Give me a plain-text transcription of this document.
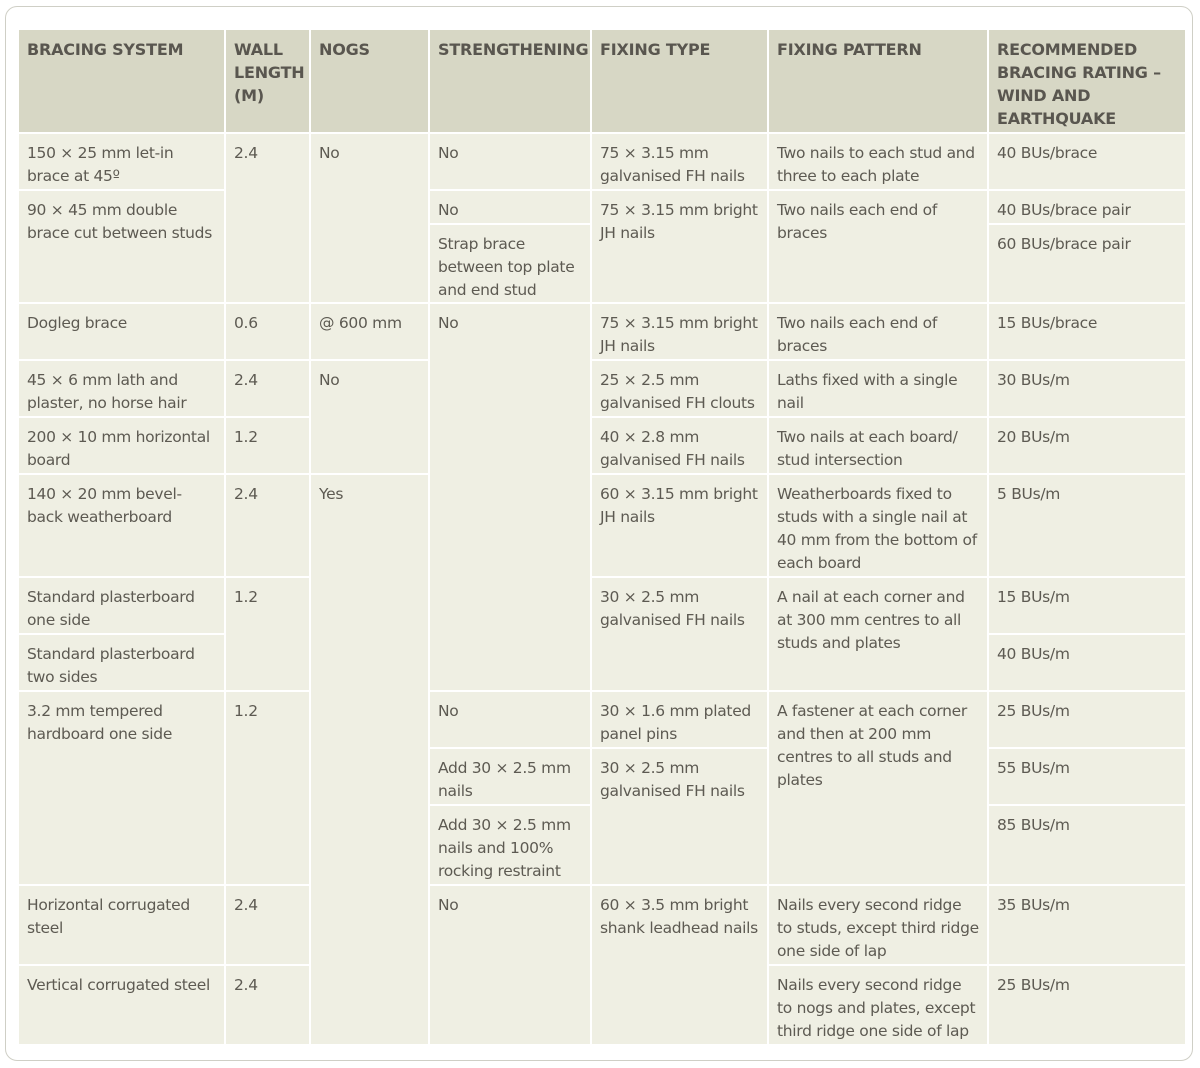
BRACING SYSTEM	WALL LENGTH (M)	NOGS	STRENGTHENING	FIXING TYPE	FIXING PATTERN	RECOMMENDED BRACING RATING – WIND AND EARTHQUAKE
150 × 25 mm let-in brace at 45º	2.4	No	No	75 × 3.15 mm galvanised FH nails	Two nails to each stud and three to each plate	40 BUs/brace
90 × 45 mm double brace cut between studs			No	75 × 3.15 mm bright JH nails	Two nails each end of braces	40 BUs/brace pair
			Strap brace between top plate and end stud			60 BUs/brace pair
Dogleg brace	0.6	@ 600 mm	No	75 × 3.15 mm bright JH nails	Two nails each end of braces	15 BUs/brace
45 × 6 mm lath and plaster, no horse hair	2.4	No		25 × 2.5 mm galvanised FH clouts	Laths fixed with a single nail	30 BUs/m
200 × 10 mm horizontal board	1.2			40 × 2.8 mm galvanised FH nails	Two nails at each board/ stud intersection	20 BUs/m
140 × 20 mm bevel-back weatherboard	2.4	Yes		60 × 3.15 mm bright JH nails	Weatherboards fixed to studs with a single nail at 40 mm from the bottom of each board	5 BUs/m
Standard plasterboard one side	1.2			30 × 2.5 mm galvanised FH nails	A nail at each corner and at 300 mm centres to all studs and plates	15 BUs/m
Standard plasterboard two sides						40 BUs/m
3.2 mm tempered hardboard one side	1.2		No	30 × 1.6 mm plated panel pins	A fastener at each corner and then at 200 mm centres to all studs and plates	25 BUs/m
			Add 30 × 2.5 mm nails	30 × 2.5 mm galvanised FH nails		55 BUs/m
			Add 30 × 2.5 mm nails and 100% rocking restraint			85 BUs/m
Horizontal corrugated steel	2.4		No	60 × 3.5 mm bright shank leadhead nails	Nails every second ridge to studs, except third ridge one side of lap	35 BUs/m
Vertical corrugated steel	2.4				Nails every second ridge to nogs and plates, except third ridge one side of lap	25 BUs/m
